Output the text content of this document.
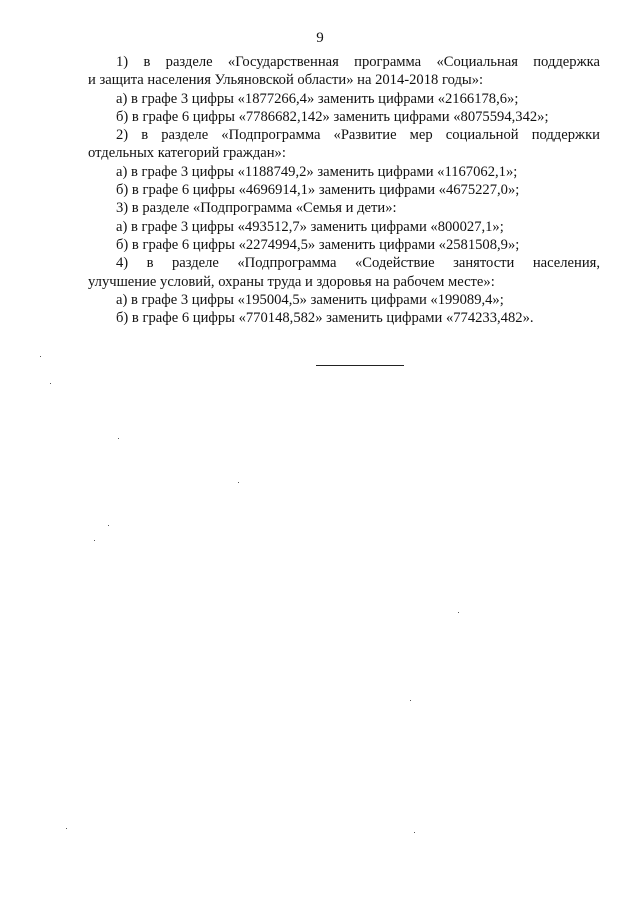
9

1) в разделе «Государственная программа «Социальная поддержка

и защита населения Ульяновской области» на 2014-2018 годы»:

а) в графе 3 цифры «1877266,4» заменить цифрами «2166178,6»;

б) в графе 6 цифры «7786682,142» заменить цифрами «8075594,342»;

2) в разделе «Подпрограмма «Развитие мер социальной поддержки

отдельных категорий граждан»:

а) в графе 3 цифры «1188749,2» заменить цифрами «1167062,1»;

б) в графе 6 цифры «4696914,1» заменить цифрами «4675227,0»;

3) в разделе «Подпрограмма «Семья и дети»:

а) в графе 3 цифры «493512,7» заменить цифрами «800027,1»;

б) в графе 6 цифры «2274994,5» заменить цифрами «2581508,9»;

4) в разделе «Подпрограмма «Содействие занятости населения,

улучшение условий, охраны труда и здоровья на рабочем месте»:

а) в графе 3 цифры «195004,5» заменить цифрами «199089,4»;

б) в графе 6 цифры «770148,582» заменить цифрами «774233,482».
